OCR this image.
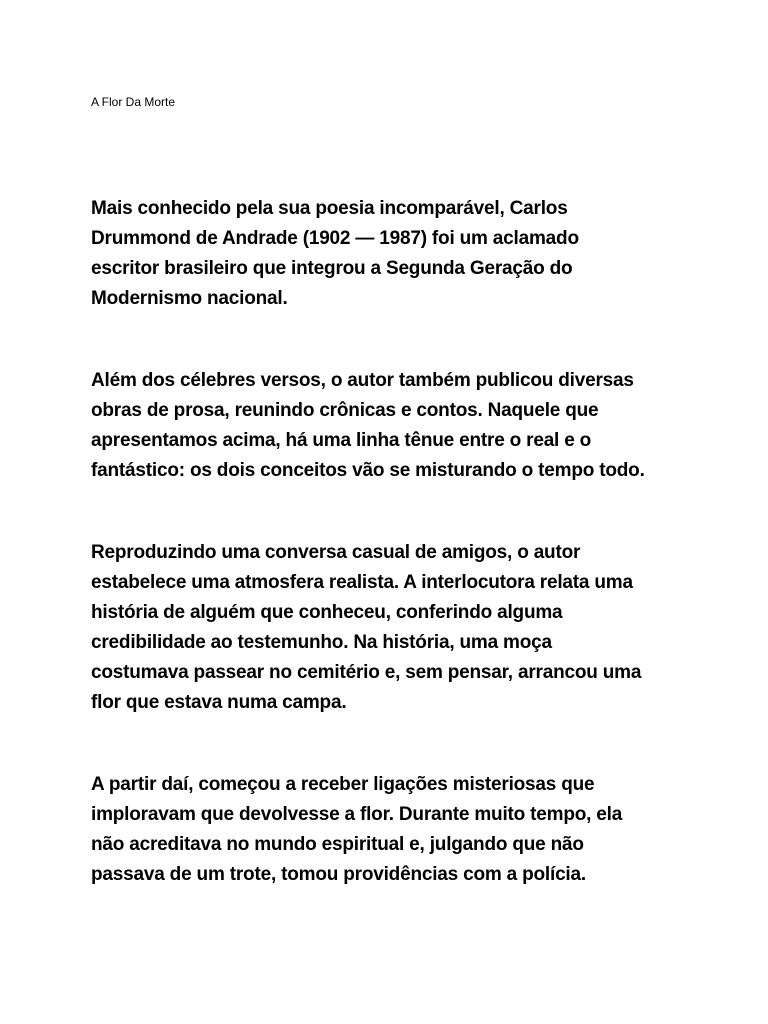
A Flor Da Morte

Mais conhecido pela sua poesia incomparável, Carlos
Drummond de Andrade (1902 — 1987) foi um aclamado
escritor brasileiro que integrou a Segunda Geração do
Modernismo nacional.

Além dos célebres versos, o autor também publicou diversas
obras de prosa, reunindo crônicas e contos. Naquele que
apresentamos acima, há uma linha tênue entre o real e o
fantástico: os dois conceitos vão se misturando o tempo todo.

Reproduzindo uma conversa casual de amigos, o autor
estabelece uma atmosfera realista. A interlocutora relata uma
história de alguém que conheceu, conferindo alguma
credibilidade ao testemunho. Na história, uma moça
costumava passear no cemitério e, sem pensar, arrancou uma
flor que estava numa campa.

A partir daí, começou a receber ligações misteriosas que
imploravam que devolvesse a flor. Durante muito tempo, ela
não acreditava no mundo espiritual e, julgando que não
passava de um trote, tomou providências com a polícia.
